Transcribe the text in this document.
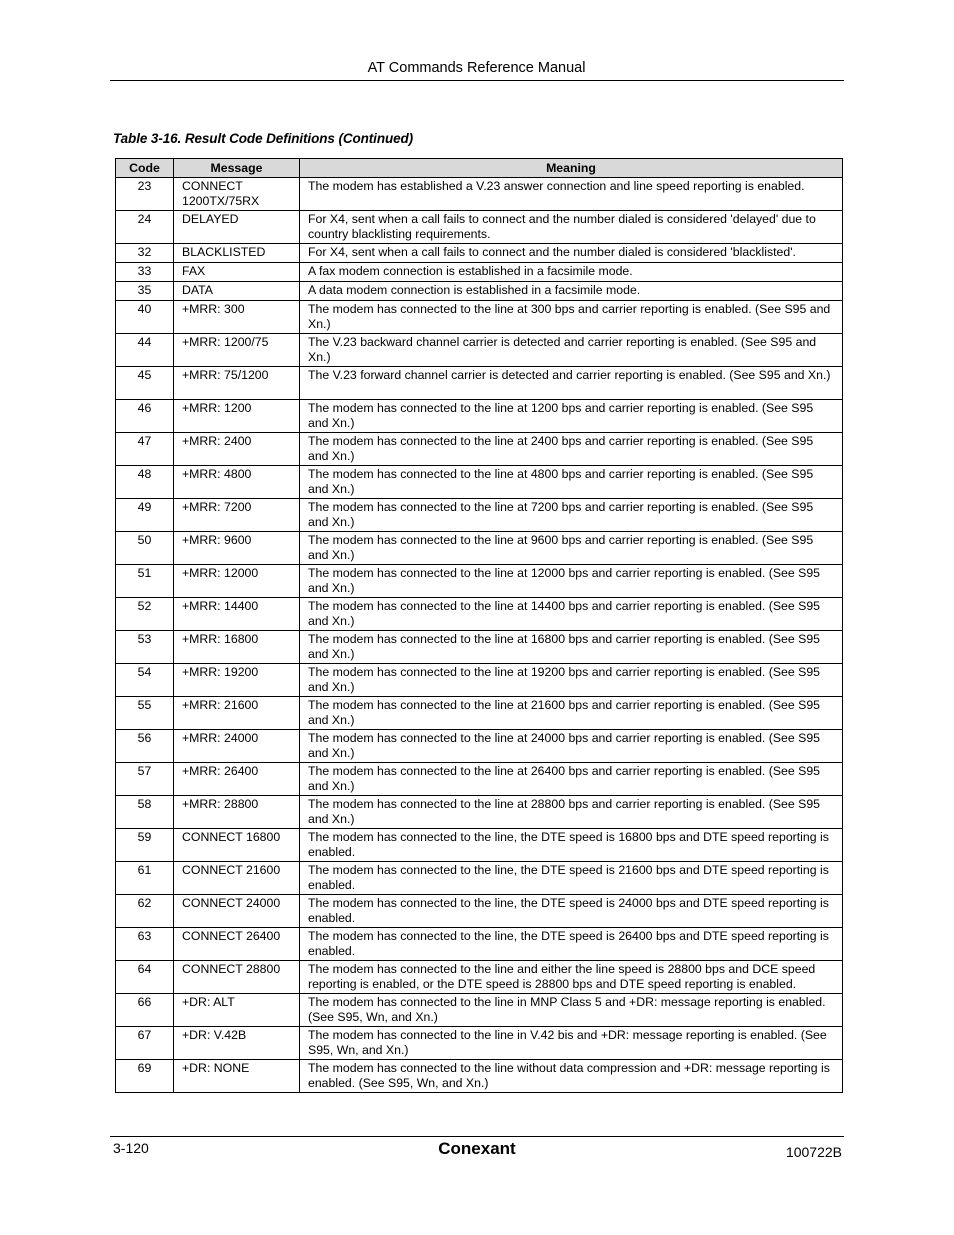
AT Commands Reference Manual
Table 3-16. Result Code Definitions (Continued)
Code	Message	Meaning
23	CONNECT 1200TX/75RX	The modem has established a V.23 answer connection and line speed reporting is enabled.
24	DELAYED	For X4, sent when a call fails to connect and the number dialed is considered 'delayed' due to country blacklisting requirements.
32	BLACKLISTED	For X4, sent when a call fails to connect and the number dialed is considered 'blacklisted'.
33	FAX	A fax modem connection is established in a facsimile mode.
35	DATA	A data modem connection is established in a facsimile mode.
40	+MRR: 300	The modem has connected to the line at 300 bps and carrier reporting is enabled. (See S95 and Xn.)
44	+MRR: 1200/75	The V.23 backward channel carrier is detected and carrier reporting is enabled. (See S95 and Xn.)
45	+MRR: 75/1200	The V.23 forward channel carrier is detected and carrier reporting is enabled. (See S95 and Xn.)
46	+MRR: 1200	The modem has connected to the line at 1200 bps and carrier reporting is enabled. (See S95 and Xn.)
47	+MRR: 2400	The modem has connected to the line at 2400 bps and carrier reporting is enabled. (See S95 and Xn.)
48	+MRR: 4800	The modem has connected to the line at 4800 bps and carrier reporting is enabled. (See S95 and Xn.)
49	+MRR: 7200	The modem has connected to the line at 7200 bps and carrier reporting is enabled. (See S95 and Xn.)
50	+MRR: 9600	The modem has connected to the line at 9600 bps and carrier reporting is enabled. (See S95 and Xn.)
51	+MRR: 12000	The modem has connected to the line at 12000 bps and carrier reporting is enabled. (See S95 and Xn.)
52	+MRR: 14400	The modem has connected to the line at 14400 bps and carrier reporting is enabled. (See S95 and Xn.)
53	+MRR: 16800	The modem has connected to the line at 16800 bps and carrier reporting is enabled. (See S95 and Xn.)
54	+MRR: 19200	The modem has connected to the line at 19200 bps and carrier reporting is enabled. (See S95 and Xn.)
55	+MRR: 21600	The modem has connected to the line at 21600 bps and carrier reporting is enabled. (See S95 and Xn.)
56	+MRR: 24000	The modem has connected to the line at 24000 bps and carrier reporting is enabled. (See S95 and Xn.)
57	+MRR: 26400	The modem has connected to the line at 26400 bps and carrier reporting is enabled. (See S95 and Xn.)
58	+MRR: 28800	The modem has connected to the line at 28800 bps and carrier reporting is enabled. (See S95 and Xn.)
59	CONNECT 16800	The modem has connected to the line, the DTE speed is 16800 bps and DTE speed reporting is enabled.
61	CONNECT 21600	The modem has connected to the line, the DTE speed is 21600 bps and DTE speed reporting is enabled.
62	CONNECT 24000	The modem has connected to the line, the DTE speed is 24000 bps and DTE speed reporting is enabled.
63	CONNECT 26400	The modem has connected to the line, the DTE speed is 26400 bps and DTE speed reporting is enabled.
64	CONNECT 28800	The modem has connected to the line and either the line speed is 28800 bps and DCE speed reporting is enabled, or the DTE speed is 28800 bps and DTE speed reporting is enabled.
66	+DR: ALT	The modem has connected to the line in MNP Class 5 and +DR: message reporting is enabled. (See S95, Wn, and Xn.)
67	+DR: V.42B	The modem has connected to the line in V.42 bis and +DR: message reporting is enabled. (See S95, Wn, and Xn.)
69	+DR: NONE	The modem has connected to the line without data compression and +DR: message reporting is enabled. (See S95, Wn, and Xn.)
3-120	Conexant	100722B
